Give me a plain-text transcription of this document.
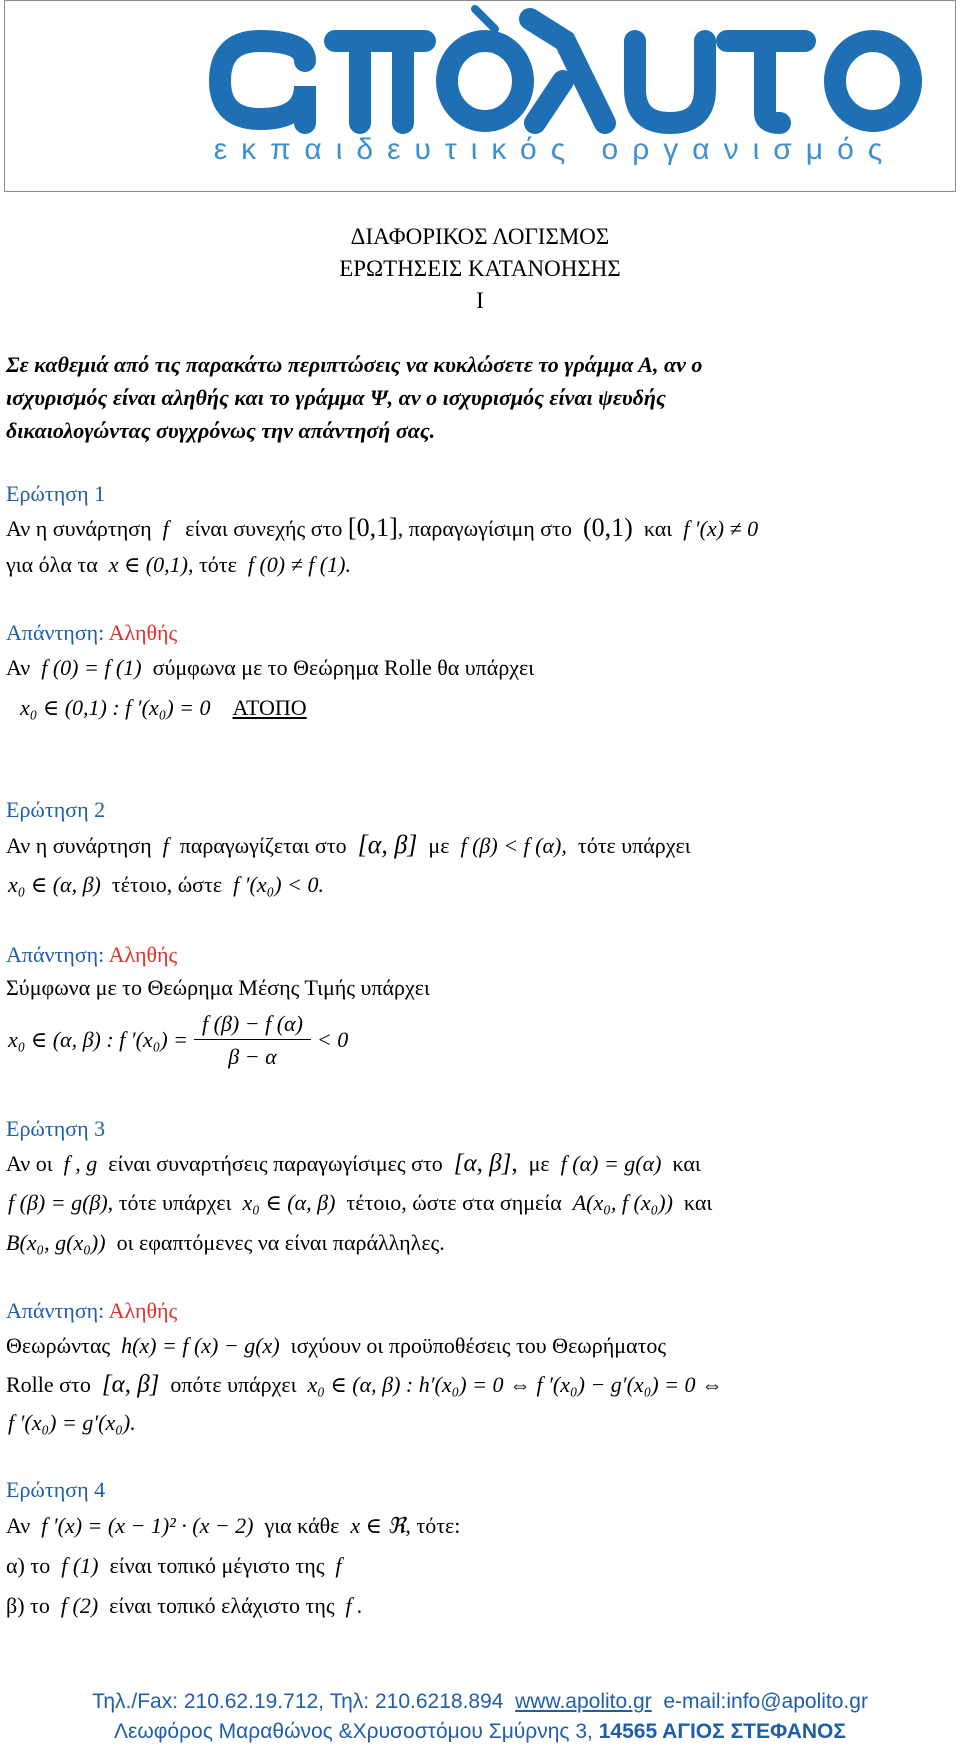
εκπαιδευτικός οργανισμός
ΔΙΑΦΟΡΙΚΟΣ ΛΟΓΙΣΜΟΣ
ΕΡΩΤΗΣΕΙΣ ΚΑΤΑΝΟΗΣΗΣ
Ι
Σε καθεμιά από τις παρακάτω περιπτώσεις να κυκλώσετε το γράμμα Α, αν ο
ισχυρισμός είναι αληθής και το γράμμα Ψ, αν ο ισχυρισμός είναι ψευδής
δικαιολογώντας συγχρόνως την απάντησή σας.
Ερώτηση 1
Αν η συνάρτηση f είναι συνεχής στο [0,1], παραγωγίσιμη στο (0,1) και f ′(x) ≠ 0
για όλα τα x ∈ (0,1), τότε f (0) ≠ f (1).
Απάντηση: Αληθής
Αν f (0) = f (1) σύμφωνα με το Θεώρημα Rolle θα υπάρχει
x₀ ∈ (0,1) : f ′(x₀) = 0 ΑΤΟΠΟ
Ερώτηση 2
Αν η συνάρτηση f παραγωγίζεται στο [α, β] με f (β) < f (α), τότε υπάρχει
x₀ ∈ (α, β) τέτοιο, ώστε f ′(x₀) < 0.
Απάντηση: Αληθής
Σύμφωνα με το Θεώρημα Μέσης Τιμής υπάρχει
x₀ ∈ (α, β) : f $'(x_0) = \frac{f (\beta) - f (\alpha)}{\beta - \alpha} < 0$
Ερώτηση 3
Αν οι f , g είναι συναρτήσεις παραγωγίσιμες στο [α, β], με f (α) = g(α) και
f (β) = g(β), τότε υπάρχει x₀ ∈ (α, β) τέτοιο, ώστε στα σημεία A(x₀, f (x₀)) και
B(x₀, g(x₀)) οι εφαπτόμενες να είναι παράλληλες.
Απάντηση: Αληθής
Θεωρώντας h(x) = f (x) − g(x) ισχύουν οι προϋποθέσεις του Θεωρήματος
Rolle στο [α, β] οπότε υπάρχει x₀ ∈ (α, β) : h′(x₀) = 0 ⇔ f ′(x₀) − g′(x₀) = 0 ⇔
f ′(x₀) = g′(x₀).
Ερώτηση 4
Αν f ′(x) = (x − 1)² · (x − 2) για κάθε x ∈ ℜ, τότε:
α) το f (1) είναι τοπικό μέγιστο της f
β) το f (2) είναι τοπικό ελάχιστο της f .
Τηλ./Fax: 210.62.19.712, Τηλ: 210.6218.894 www.apolito.gr e-mail:info@apolito.gr
Λεωφόρος Μαραθώνος &Χρυσοστόμου Σμύρνης 3, 14565 ΑΓΙΟΣ ΣΤΕΦΑΝΟΣ
